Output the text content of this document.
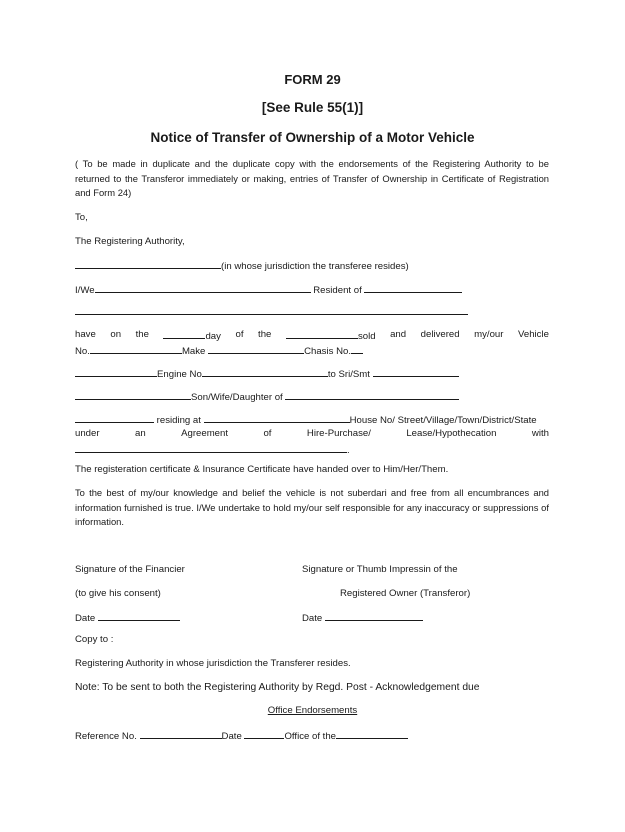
FORM 29
[See Rule 55(1)]
Notice of Transfer of Ownership of a Motor Vehicle
( To be made in duplicate and the duplicate copy with the endorsements of the Registering Authority to be returned to the Transferor immediately or making, entries of Transfer of Ownership in Certificate of Registration and Form 24)
To,
The Registering Authority,
(in whose jurisdiction the transferee resides)
I/We	Resident of
have on the	day of the	sold and delivered my/our Vehicle
No.	Make	Chasis No.
Engine No	to Sri/Smt
Son/Wife/Daughter of
residing at	House No/ Street/Village/Town/District/State
under	an	Agreement	of	Hire-Purchase/	Lease/Hypothecation	with
.
The registeration certificate & Insurance Certificate have handed over to Him/Her/Them.
To the best of my/our knowledge and belief the vehicle is not suberdari and free from all encumbrances and information furnished is true. I/We undertake to hold my/our self responsible for any inaccuracy or suppressions of information.
Signature of the Financier	Signature or Thumb Impressin of the
(to give his consent)	Registered Owner (Transferor)
Date	Date
Copy to :
Registering Authority in whose jurisdiction the Transferer resides.
Note: To be sent to both the Registering Authority by Regd. Post - Acknowledgement due
Office Endorsements
Reference No.	Date	Office of the
